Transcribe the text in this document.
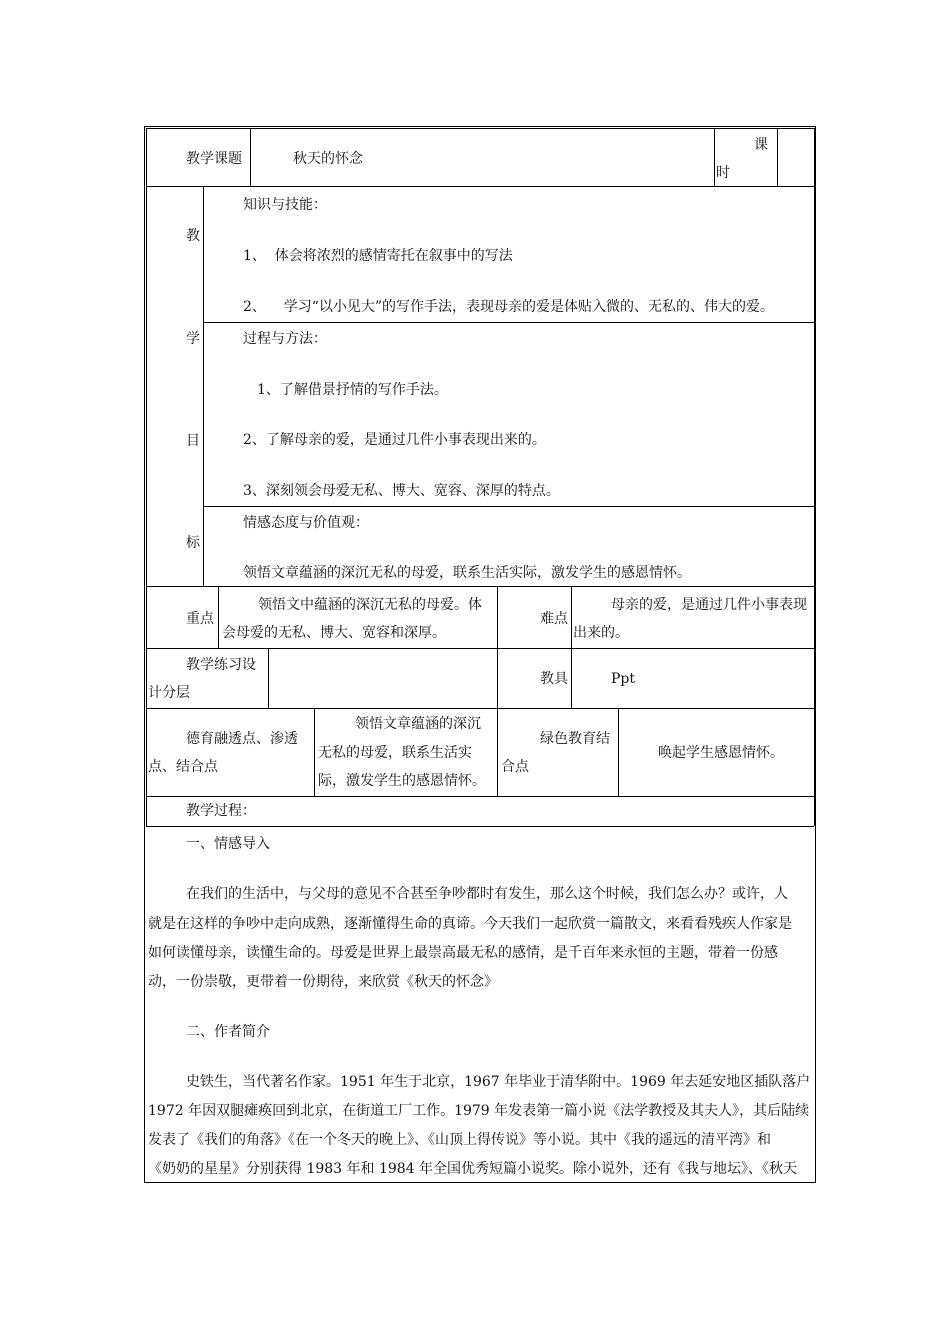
教学课题	秋天的怀念
课
时
教
学
目
标
知识与技能：
1、  体会将浓烈的感情寄托在叙事中的写法
2、    学习“以小见大”的写作手法，表现母亲的爱是体贴入微的、无私的、伟大的爱。
过程与方法：
1、了解借景抒情的写作手法。
2、了解母亲的爱，是通过几件小事表现出来的。
3、深刻领会母爱无私、博大、宽容、深厚的特点。
情感态度与价值观：
领悟文章蕴涵的深沉无私的母爱，联系生活实际，激发学生的感恩情怀。
重点
领悟文中蕴涵的深沉无私的母爱。体
会母爱的无私、博大、宽容和深厚。
难点
母亲的爱，是通过几件小事表现
出来的。
教学练习设
计分层
教具	Ppt
德育融透点、渗透
点、结合点
领悟文章蕴涵的深沉
无私的母爱，联系生活实
际，激发学生的感恩情怀。
绿色教育结
合点
唤起学生感恩情怀。
教学过程：
一、情感导入
在我们的生活中，与父母的意见不合甚至争吵都时有发生，那么这个时候，我们怎么办？或许，人
就是在这样的争吵中走向成熟，逐渐懂得生命的真谛。今天我们一起欣赏一篇散文，来看看残疾人作家是
如何读懂母亲，读懂生命的。母爱是世界上最崇高最无私的感情，是千百年来永恒的主题，带着一份感
动，一份崇敬，更带着一份期待，来欣赏《秋天的怀念》
二、作者简介
史铁生，当代著名作家。1951 年生于北京，1967 年毕业于清华附中。1969 年去延安地区插队落户
1972 年因双腿瘫痪回到北京，在街道工厂工作。1979 年发表第一篇小说《法学教授及其夫人》，其后陆续
发表了《我们的角落》《在一个冬天的晚上》、《山顶上得传说》等小说。其中《我的遥远的清平湾》和
《奶奶的星星》分别获得 1983 年和 1984 年全国优秀短篇小说奖。除小说外，还有《我与地坛》、《秋天
